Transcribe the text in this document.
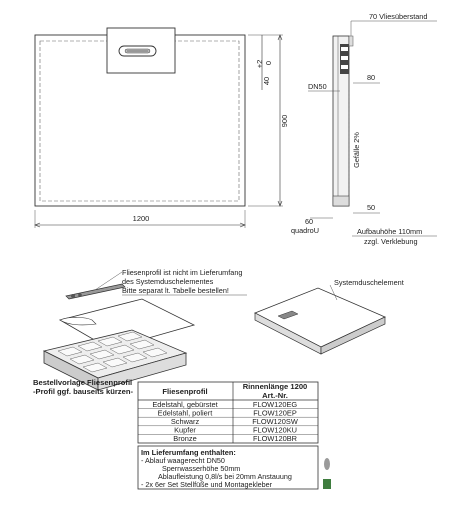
900
40
+2 0
1200
70 Vliesüberstand
DN50
80
Gefälle 2%
60
quadroU
50
Aufbauhöhe 110mm
zzgl. Verklebung
Systemduschelement
Fliesenprofil ist nicht im Lieferumfang
des Systemduschelementes
Bitte separat lt. Tabelle bestellen!
Bestellvorlage Fliesenprofil
-Profil ggf. bauseits kürzen-	Fliesenprofil
Rinnenlänge 1200
Art.-Nr.
Edelstahl, gebürstet	FLOW120EG
Edelstahl, poliert	FLOW120EP
Schwarz	FLOW120SW
Kupfer	FLOW120KU
Bronze	FLOW120BR
Im Lieferumfang enthalten:
- Ablauf waagerecht DN50
Sperrwasserhöhe 50mm
Ablaufleistung 0,8l/s bei 20mm Anstauung
- 2x 6er Set Stellfüße und Montagekleber
